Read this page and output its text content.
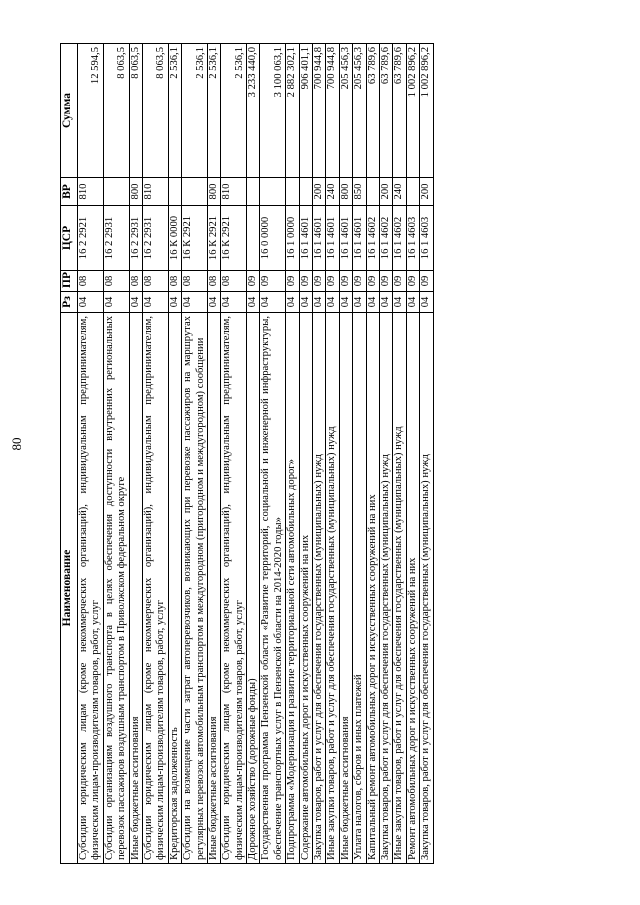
80
Наименование	Рз	ПР	ЦСР	ВР	Сумма
Субсидии юридическим лицам (кроме некоммерческих организаций), индивидуальным предпринимателям, физическим лицам-производителям товаров, работ, услуг	04	08	16 2 2921	810	12 594,5
Субсидии организациям воздушного транспорта в целях обеспечения доступности внутренних региональных перевозок пассажиров воздушным транспортом в Приволжском федеральном округе	04	08	16 2 2931		8 063,5
Иные бюджетные ассигнования	04	08	16 2 2931	800	8 063,5
Субсидии юридическим лицам (кроме некоммерческих организаций), индивидуальным предпринимателям, физическим лицам-производителям товаров, работ, услуг	04	08	16 2 2931	810	8 063,5
Кредиторская задолженность	04	08	16 К 0000		2 536,1
Субсидии на возмещение части затрат автоперевозчиков, возникающих при перевозке пассажиров на маршрутах регулярных перевозок автомобильным транспортом в междугородном (пригородном и междугородном) сообщении	04	08	16 К 2921		2 536,1
Иные бюджетные ассигнования	04	08	16 К 2921	800	2 536,1
Субсидии юридическим лицам (кроме некоммерческих организаций), индивидуальным предпринимателям, физическим лицам-производителям товаров, работ, услуг	04	08	16 К 2921	810	2 536,1
Дорожное хозяйство (дорожные фонды)	04	09			3 233 440,0
Государственная программа Пензенской области «Развитие территорий, социальной и инженерной инфраструктуры, обеспечение транспортных услуг в Пензенской области на 2014-2020 годы»	04	09	16 0 0000		3 100 063,1
Подпрограмма «Модернизация и развитие территориальной сети автомобильных дорог»	04	09	16 1 0000		2 882 302,1
Содержание автомобильных дорог и искусственных сооружений на них	04	09	16 1 4601		906 401,1
Закупка товаров, работ и услуг для обеспечения государственных (муниципальных) нужд	04	09	16 1 4601	200	700 944,8
Иные закупки товаров, работ и услуг для обеспечения государственных (муниципальных) нужд	04	09	16 1 4601	240	700 944,8
Иные бюджетные ассигнования	04	09	16 1 4601	800	205 456,3
Уплата налогов, сборов и иных платежей	04	09	16 1 4601	850	205 456,3
Капитальный ремонт автомобильных дорог и искусственных сооружений на них	04	09	16 1 4602		63 789,6
Закупка товаров, работ и услуг для обеспечения государственных (муниципальных) нужд	04	09	16 1 4602	200	63 789,6
Иные закупки товаров, работ и услуг для обеспечения государственных (муниципальных) нужд	04	09	16 1 4602	240	63 789,6
Ремонт автомобильных дорог и искусственных сооружений на них	04	09	16 1 4603		1 002 896,2
Закупка товаров, работ и услуг для обеспечения государственных (муниципальных) нужд	04	09	16 1 4603	200	1 002 896,2
